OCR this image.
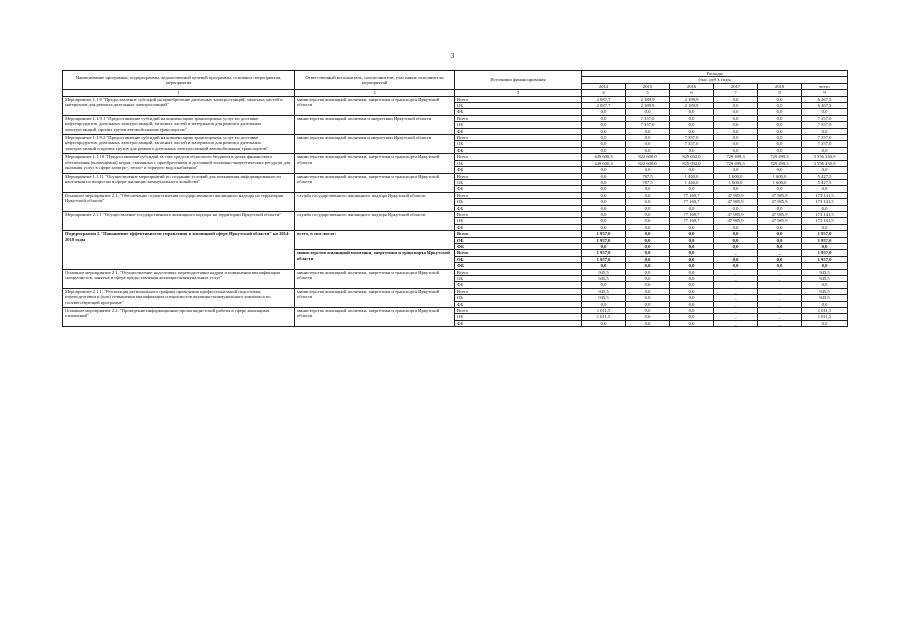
3
Наименование программы, подпрограммы, ведомственной целевой программы, основного мероприятия, мероприятия	Ответственный исполнитель, соисполнители, участники, исполнители мероприятий	Источники финансирования	Расходы					
			(тыс. руб.), годы					
			2014	2015	2016	2017	2018	всего
1	2	3	4	5	6	7	8	9
Мероприятие 1.1.8 "Предоставление субсидий на приобретение дизельных электростанций, запасных частей и материалов для ремонта дизельных электростанций"	министерство жилищной политики, энергетики и транспорта Иркутской области	Всего	2 087,7	2 189,9	2 189,9	0,0	0,0	6 467,5
		ОБ	2 087,7	2 189,9	2 189,9	0,0	0,0	6 467,5
		ФБ	0,0	0,0	0,0	0,0	0,0	0,0
Мероприятие 1.1.9.1 "Предоставление субсидий на компенсацию транспортных услуг по доставке нефтепродуктов, дизельных электростанций, запасных частей и материалов для ремонта дизельных электростанций, прочих грузов автомобильным транспортом"	министерство жилищной политики и энергетики Иркутской области	Всего	0,0	7 357,0	0,0	0,0	0,0	7 357,0
		ОБ	0,0	7 357,0	0,0	0,0	0,0	7 357,0
		ФБ	0,0	0,0	0,0	0,0	0,0	0,0
Мероприятие 1.1.9.2 "Предоставление субсидий на компенсацию транспортных услуг по доставке нефтепродуктов, дизельных электростанций, запасных частей и материалов для ремонта дизельных электростанций и прочих грузов для ремонта дизельных электростанций автомобильным транспортом"	министерство жилищной политики и энергетики Иркутской области	Всего	0,0	0,0	7 357,0	0,0	0,0	7 357,0
		ОБ	0,0	0,0	7 357,0	0,0	0,0	7 357,0
		ФБ	0,0	0,0	0,0	0,0	0,0	0,0
Мероприятие 1.1.10 "Предоставление субсидий за счет средств областного бюджета в целях финансового обеспечения (возмещения) затрат, связанных с приобретением и доставкой топливно-энергетических ресурсов для оказания услуг в сфере электро-, тепло- и горячего водоснабжения"	министерство жилищной политики, энергетики и транспорта Иркутской области	Всего	449 600,3	822 600,0	825 032,0	729 499,3	729 499,3	3 556 230,9
		ОБ	449 600,3	822 600,0	825 032,0	729 499,3	729 499,3	3 556 230,9
		ФБ	0,0	0,0	0,0	0,0	0,0	0,0
Мероприятие 1.1.11 "Осуществление мероприятий по созданию условий для повышения информированности населения по вопросам в сфере жилищно-коммунального хозяйства"	министерство жилищной политики, энергетики и транспорта Иркутской области	Всего	0,0	787,5	1 440,0	1 600,0	1 600,0	5 427,5
		ОБ	0,0	787,5	1 440,0	1 600,0	1 600,0	5 427,5
		ФБ	0,0	0,0	0,0	0,0	0,0	0,0
Основное мероприятие 2.1. "Обеспечение осуществления государственного жилищного надзора на территории Иркутской области"	служба государственного жилищного надзора Иркутской области	Всего	0,0	0,0	77 169,7	47 985,9	47 985,9	173 141,5
		ОБ	0,0	0,0	77 169,7	47 985,9	47 985,9	173 141,5
		ФБ	0,0	0,0	0,0	0,0	0,0	0,0
Мероприятие 2.1.1 "Осуществление государственного жилищного надзора на территории Иркутской области"	служба государственного жилищного надзора Иркутской области	Всего	0,0	0,0	77 169,7	47 985,9	47 985,9	173 141,5
		ОБ	0,0	0,0	77 169,7	47 985,9	47 985,9	173 141,5
		ФБ	0,0	0,0	0,0	0,0	0,0	0,0
Подпрограмма 2 "Повышение эффективности управления в жилищной сфере Иркутской области" на 2014-2018 годы	всего, в том числе:	Всего	1 957,0	0,0	0,0	0,0	0,0	1 957,0
		ОБ	1 957,0	0,0	0,0	0,0	0,0	1 957,0
		ФБ	0,0	0,0	0,0	0,0	0,0	0,0
	министерство жилищной политики, энергетики и транспорта Иркутской области	Всего	1 957,0	0,0	0,0	_	_	1 957,0
		ОБ	1 957,0	0,0	0,0	0,0	0,0	1 957,0
		ФБ	0,0	0,0	0,0	0,0	0,0	0,0
Основное мероприятие 2.1. "Осуществление подготовки, переподготовки кадров и повышения квалификации специалистов, занятых в сфере предоставления жилищно-коммунальных услуг"	министерство жилищной политики, энергетики и транспорта Иркутской области	Всего	945,5	0,0	0,0	_	_	945,5
		ОБ	945,5	0,0	0,0	_	_	945,5
		ФБ	0,0	0,0	0,0			0,0
Мероприятие 2.1.1. "Реализация регионального графика проведения профессиональной подготовки, переподготовки и (или) повышения квалификации специалистов жилищно-коммунального комплекса по соответствующей программе"	министерство жилищной политики, энергетики и транспорта Иркутской области	Всего	945,5	0,0	0,0	_	_	945,5
		ОБ	945,5	0,0	0,0	_	_	945,5
		ФБ	0,0	0,0	0,0	_	_	0,0
Основное мероприятие 2.2. "Проведение информационно-пропагандистской работы в сфере жилищных отношений"	министерство жилищной политики, энергетики и транспорта Иркутской области	Всего	1 011,5	0,0	0,0	_	_	1 011,5
		ОБ	1 011,5	0,0	0,0	_	_	1 011,5
		ФБ	0,0	0,0	0,0	_	_	0,0
